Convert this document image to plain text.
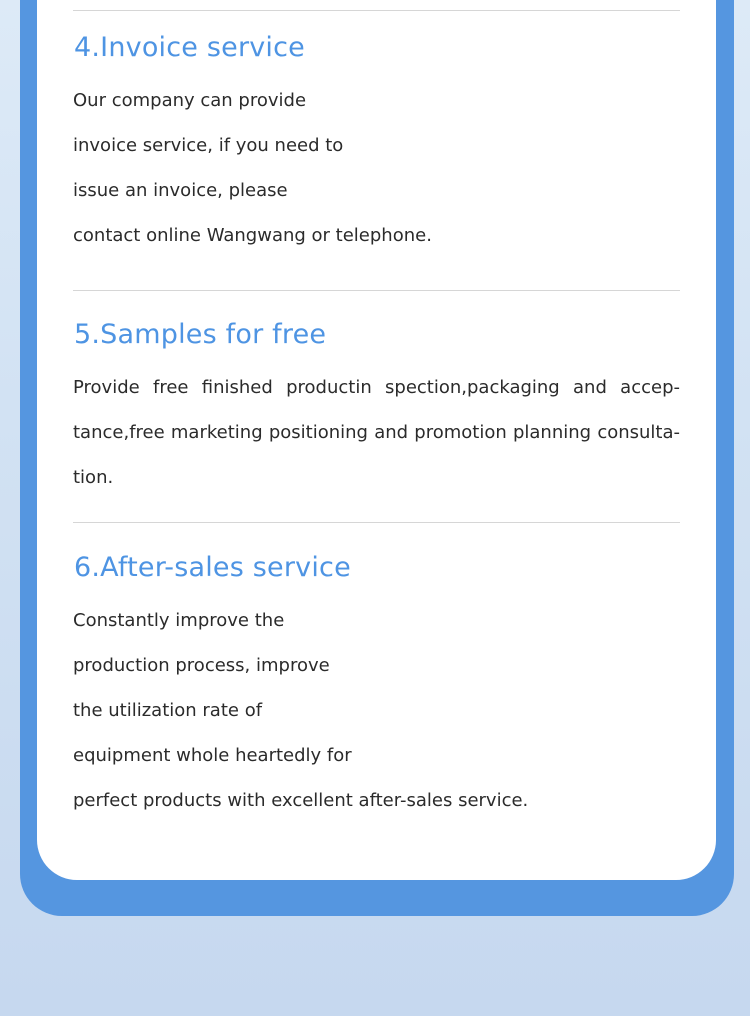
4.Invoice service

Our company can provide

invoice service, if you need to

issue an invoice, please

contact online Wangwang or telephone.

5.Samples for free

Provide free finished productin spection,packaging and accep-

tance,free marketing positioning and promotion planning consulta-

tion.

6.After-sales service

Constantly improve the

production process, improve

the utilization rate of

equipment whole heartedly for

perfect products with excellent after-sales service.
